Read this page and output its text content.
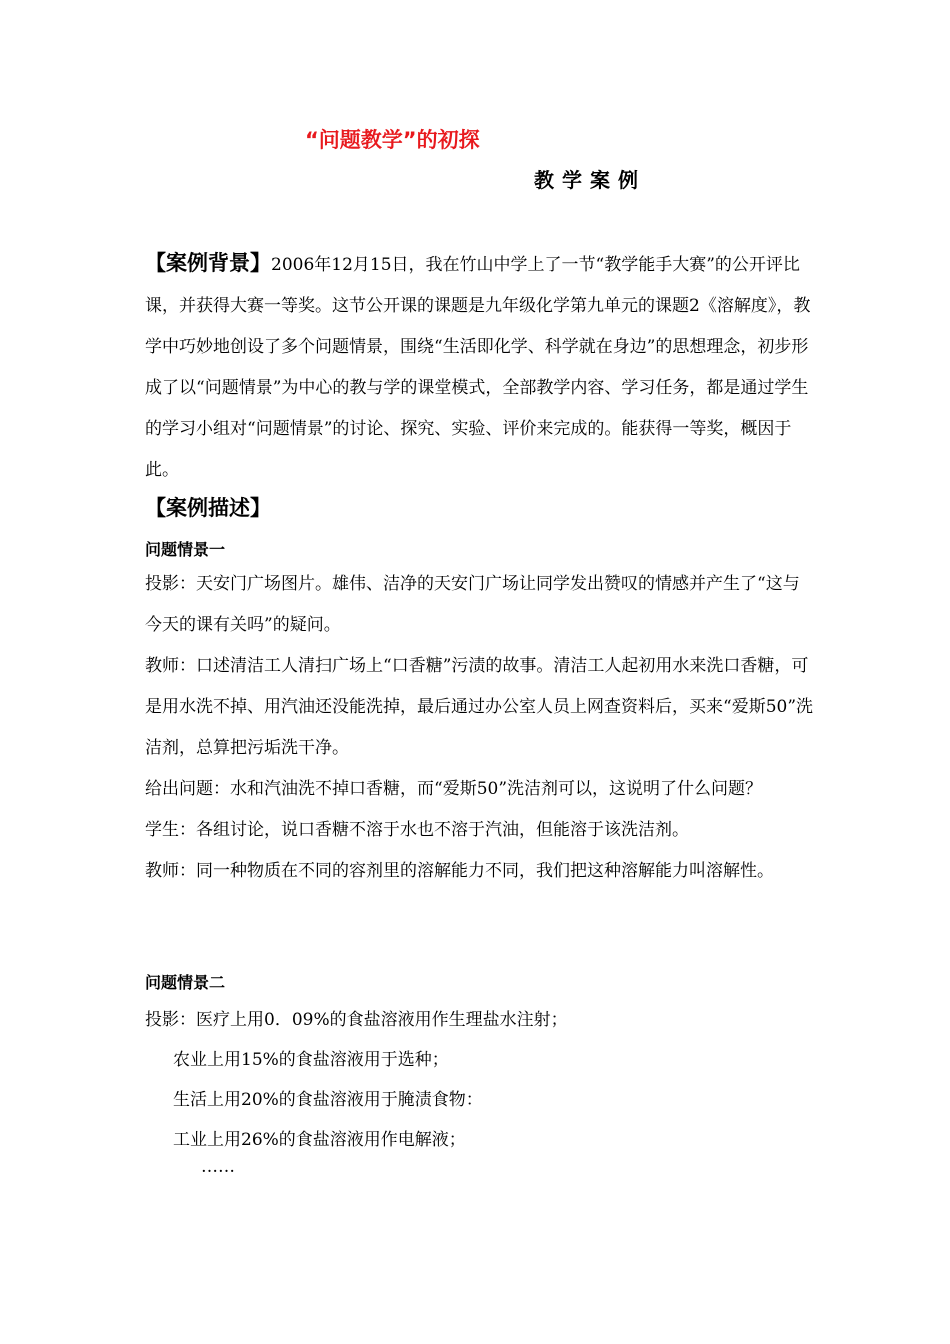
“问题教学”的初探
教学案例
【案例背景】2006年12月15日，我在竹山中学上了一节“教学能手大赛”的公开评比课，并获得大赛一等奖。这节公开课的课题是九年级化学第九单元的课题2《溶解度》，教学中巧妙地创设了多个问题情景，围绕“生活即化学、科学就在身边”的思想理念，初步形成了以“问题情景”为中心的教与学的课堂模式，全部教学内容、学习任务，都是通过学生的学习小组对“问题情景”的讨论、探究、实验、评价来完成的。能获得一等奖，概因于此。
【案例描述】
问题情景一

投影：天安门广场图片。雄伟、洁净的天安门广场让同学发出赞叹的情感并产生了“这与今天的课有关吗”的疑问。

教师：口述清洁工人清扫广场上“口香糖”污渍的故事。清洁工人起初用水来洗口香糖，可是用水洗不掉、用汽油还没能洗掉，最后通过办公室人员上网查资料后，买来“爱斯50”洗洁剂，总算把污垢洗干净。

给出问题：水和汽油洗不掉口香糖，而“爱斯50”洗洁剂可以，这说明了什么问题？

学生：各组讨论，说口香糖不溶于水也不溶于汽油，但能溶于该洗洁剂。

教师：同一种物质在不同的容剂里的溶解能力不同，我们把这种溶解能力叫溶解性。

问题情景二
投影：医疗上用0．09%的食盐溶液用作生理盐水注射；
农业上用15%的食盐溶液用于选种；
生活上用20%的食盐溶液用于腌渍食物：
工业上用26%的食盐溶液用作电解液；
……
